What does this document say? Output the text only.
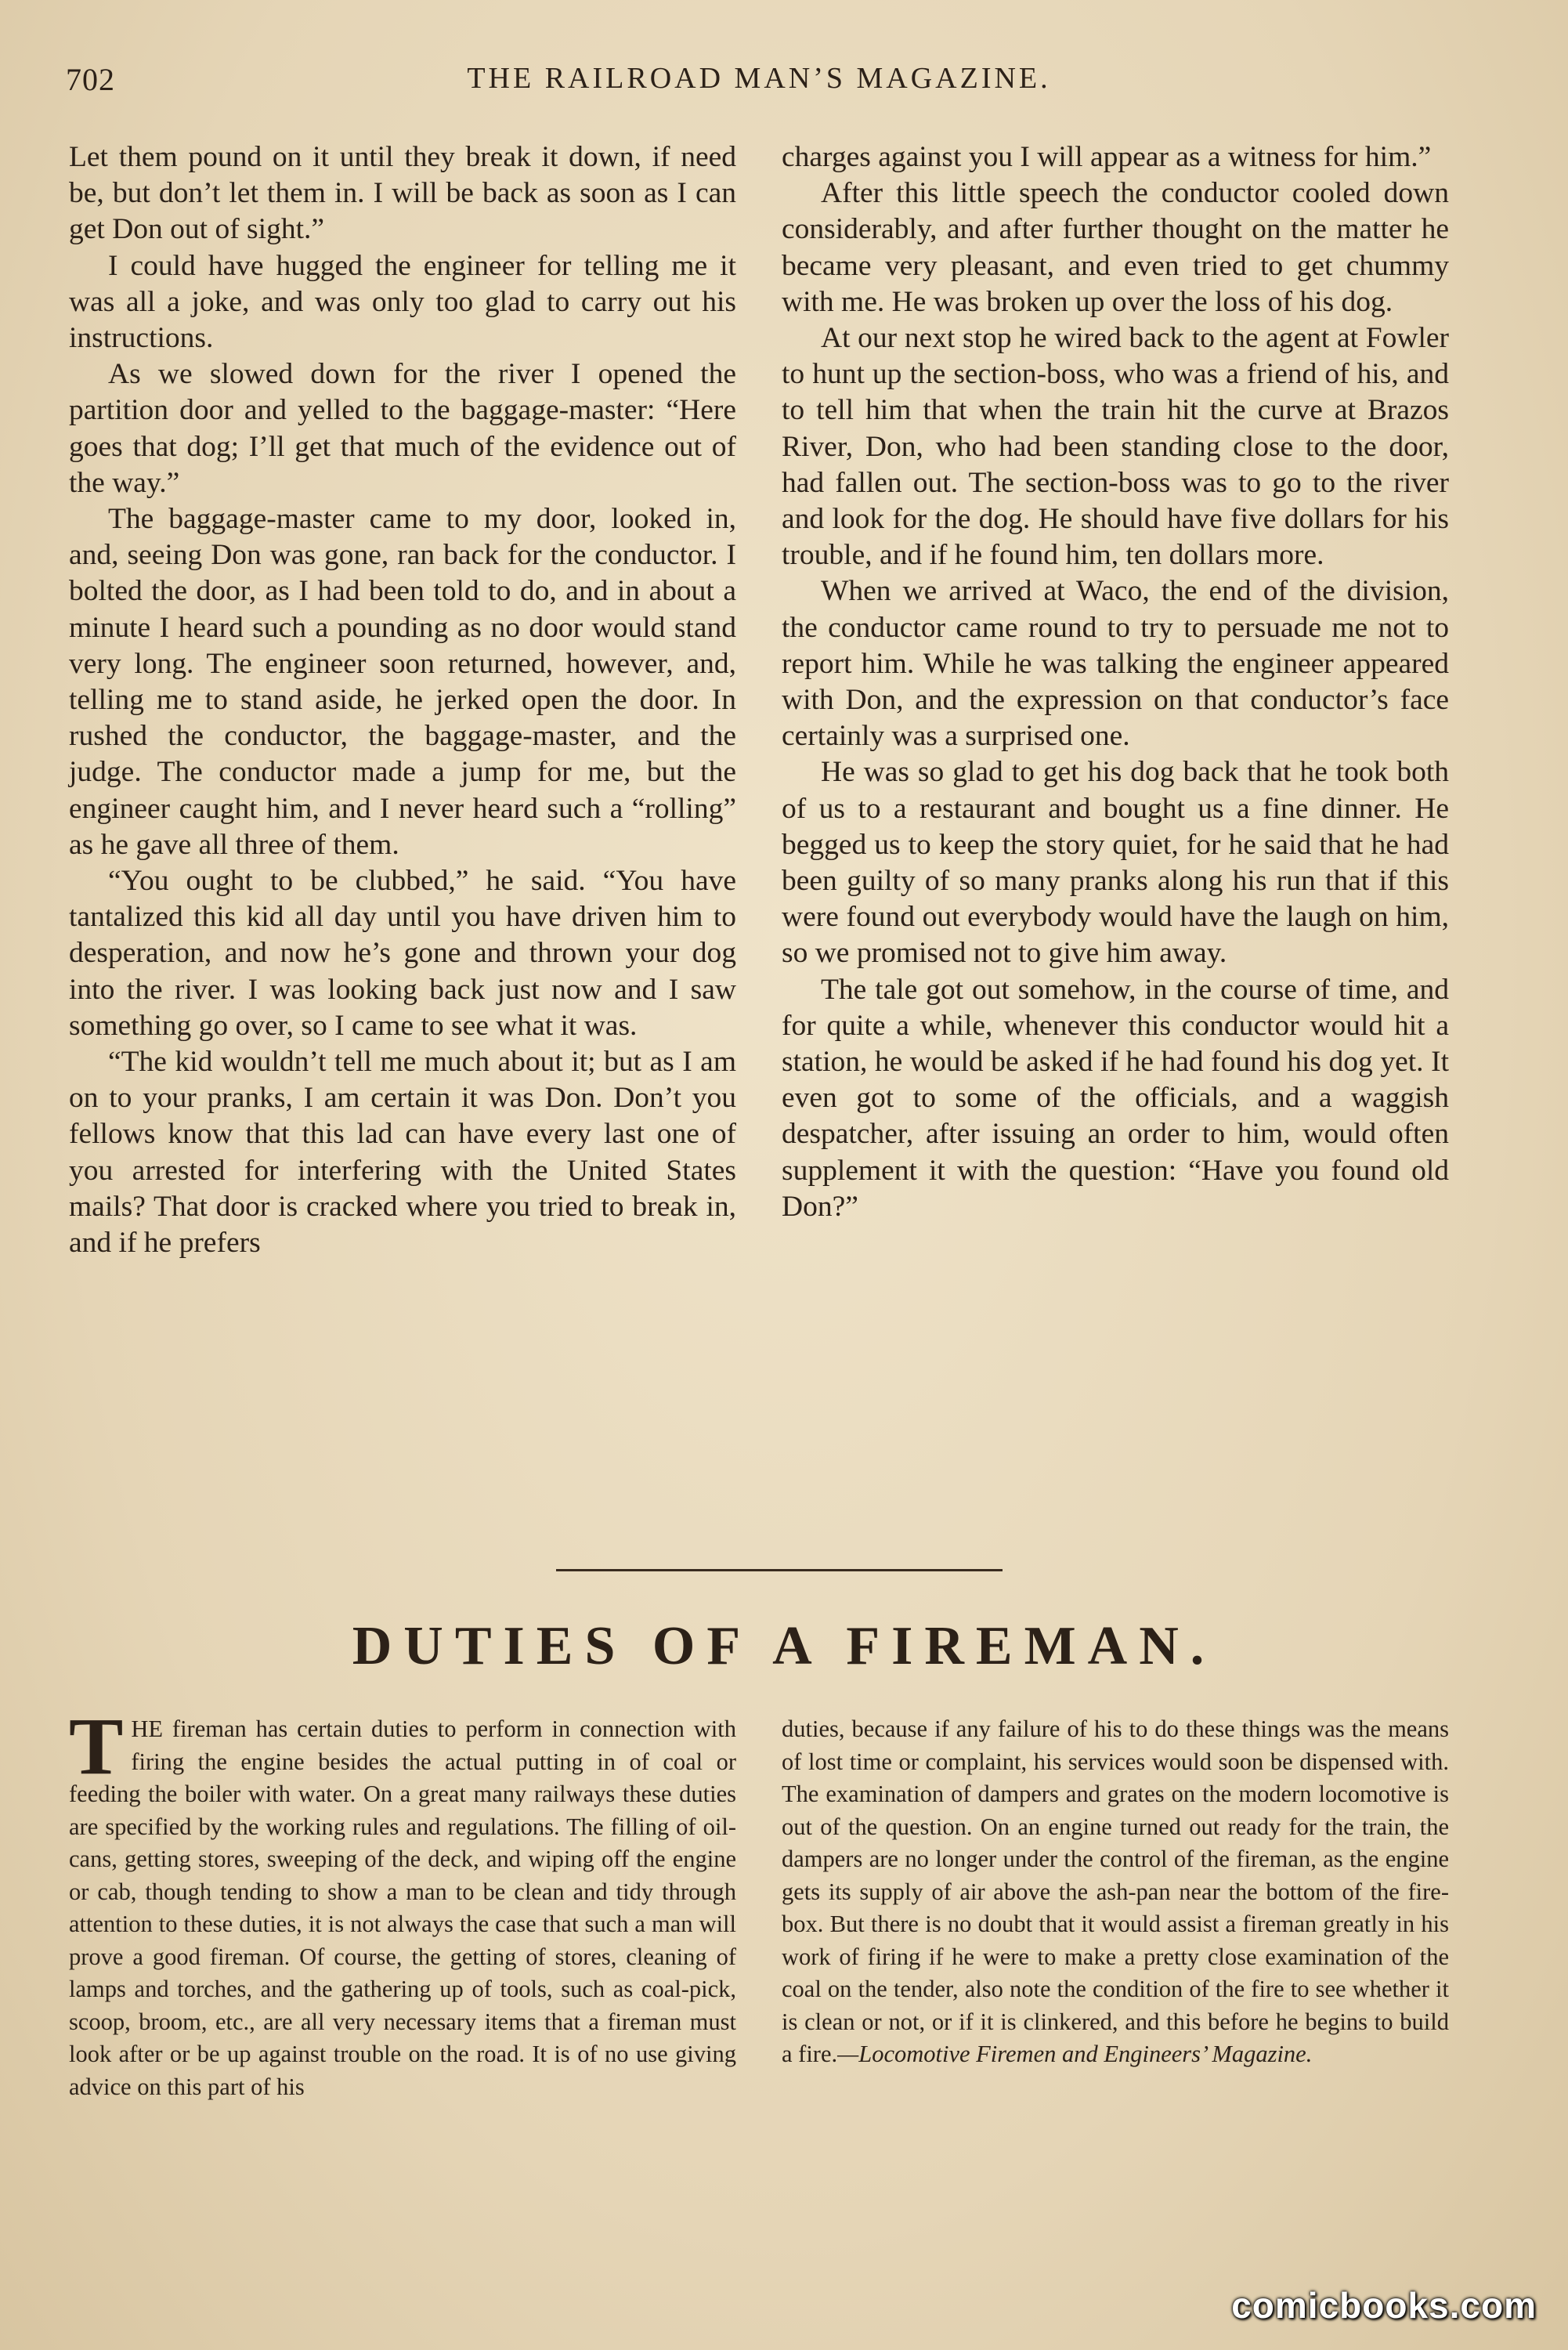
702	THE RAILROAD MAN’S MAGAZINE.

Let them pound on it until they break it down, if need be, but don’t let them in. I will be back as soon as I can get Don out of sight.”

I could have hugged the engineer for telling me it was all a joke, and was only too glad to carry out his instructions.

As we slowed down for the river I opened the partition door and yelled to the baggage-master: “Here goes that dog; I’ll get that much of the evidence out of the way.”

The baggage-master came to my door, looked in, and, seeing Don was gone, ran back for the conductor. I bolted the door, as I had been told to do, and in about a minute I heard such a pounding as no door would stand very long. The engineer soon returned, however, and, telling me to stand aside, he jerked open the door. In rushed the conductor, the baggage-master, and the judge. The conductor made a jump for me, but the engineer caught him, and I never heard such a “rolling” as he gave all three of them.

“You ought to be clubbed,” he said. “You have tantalized this kid all day until you have driven him to desperation, and now he’s gone and thrown your dog into the river. I was looking back just now and I saw something go over, so I came to see what it was.

“The kid wouldn’t tell me much about it; but as I am on to your pranks, I am certain it was Don. Don’t you fellows know that this lad can have every last one of you arrested for interfering with the United States mails? That door is cracked where you tried to break in, and if he prefers

charges against you I will appear as a witness for him.”

After this little speech the conductor cooled down considerably, and after further thought on the matter he became very pleasant, and even tried to get chummy with me. He was broken up over the loss of his dog.

At our next stop he wired back to the agent at Fowler to hunt up the section-boss, who was a friend of his, and to tell him that when the train hit the curve at Brazos River, Don, who had been standing close to the door, had fallen out. The section-boss was to go to the river and look for the dog. He should have five dollars for his trouble, and if he found him, ten dollars more.

When we arrived at Waco, the end of the division, the conductor came round to try to persuade me not to report him. While he was talking the engineer appeared with Don, and the expression on that conductor’s face certainly was a surprised one.

He was so glad to get his dog back that he took both of us to a restaurant and bought us a fine dinner. He begged us to keep the story quiet, for he said that he had been guilty of so many pranks along his run that if this were found out everybody would have the laugh on him, so we promised not to give him away.

The tale got out somehow, in the course of time, and for quite a while, whenever this conductor would hit a station, he would be asked if he had found his dog yet. It even got to some of the officials, and a waggish despatcher, after issuing an order to him, would often supplement it with the question: “Have you found old Don?”

DUTIES OF A FIREMAN.

THE fireman has certain duties to perform in connection with firing the engine besides the actual putting in of coal or feeding the boiler with water. On a great many railways these duties are specified by the working rules and regulations. The filling of oil-cans, getting stores, sweeping of the deck, and wiping off the engine or cab, though tending to show a man to be clean and tidy through attention to these duties, it is not always the case that such a man will prove a good fireman. Of course, the getting of stores, cleaning of lamps and torches, and the gathering up of tools, such as coal-pick, scoop, broom, etc., are all very necessary items that a fireman must look after or be up against trouble on the road. It is of no use giving advice on this part of his

duties, because if any failure of his to do these things was the means of lost time or complaint, his services would soon be dispensed with. The examination of dampers and grates on the modern locomotive is out of the question. On an engine turned out ready for the train, the dampers are no longer under the control of the fireman, as the engine gets its supply of air above the ash-pan near the bottom of the fire-box. But there is no doubt that it would assist a fireman greatly in his work of firing if he were to make a pretty close examination of the coal on the tender, also note the condition of the fire to see whether it is clean or not, or if it is clinkered, and this before he begins to build a fire.—Locomotive Firemen and Engineers’ Magazine.

comicbooks.com
